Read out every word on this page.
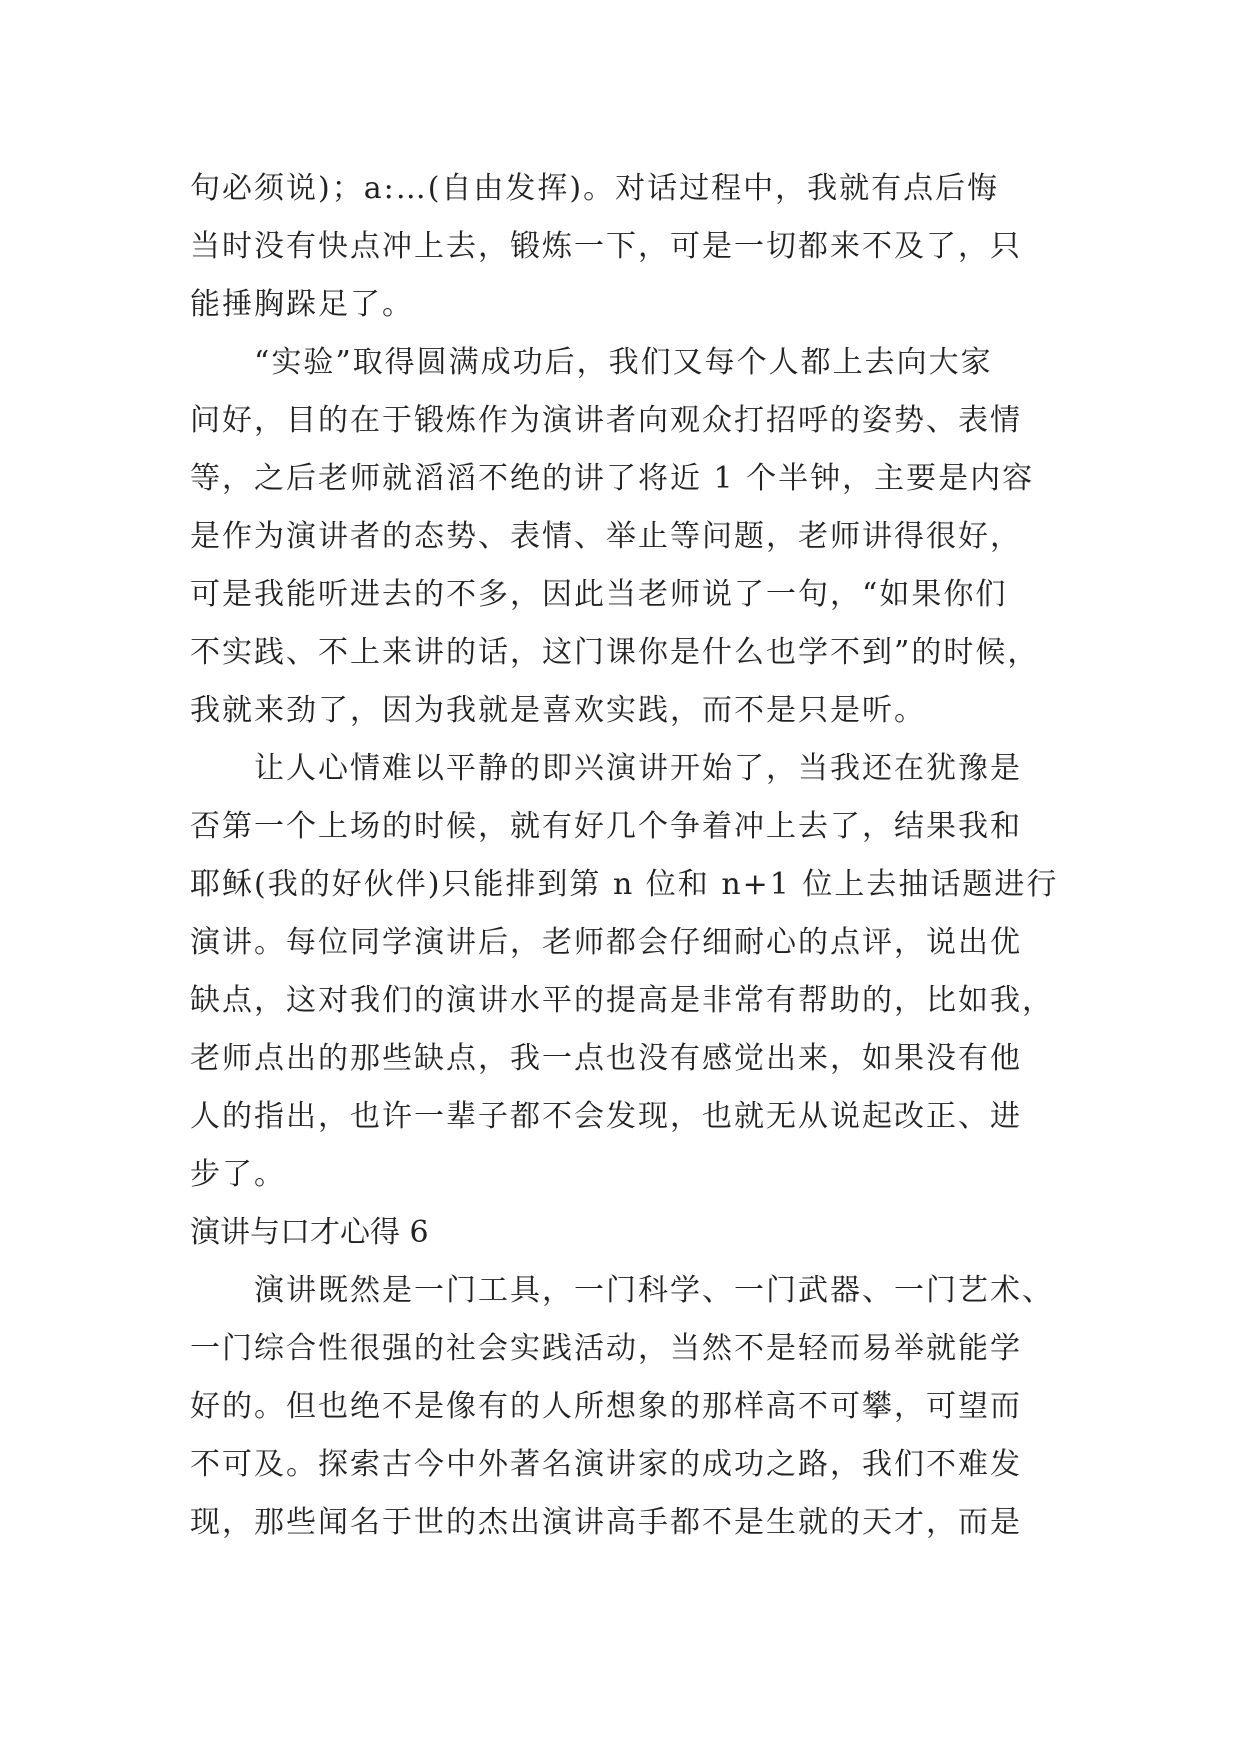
句必须说)；a:…(自由发挥)。对话过程中，我就有点后悔
当时没有快点冲上去，锻炼一下，可是一切都来不及了，只
能捶胸跺足了。
　　“实验”取得圆满成功后，我们又每个人都上去向大家
问好，目的在于锻炼作为演讲者向观众打招呼的姿势、表情
等，之后老师就滔滔不绝的讲了将近 1 个半钟，主要是内容
是作为演讲者的态势、表情、举止等问题，老师讲得很好，
可是我能听进去的不多，因此当老师说了一句，“如果你们
不实践、不上来讲的话，这门课你是什么也学不到”的时候，
我就来劲了，因为我就是喜欢实践，而不是只是听。
　　让人心情难以平静的即兴演讲开始了，当我还在犹豫是
否第一个上场的时候，就有好几个争着冲上去了，结果我和
耶稣(我的好伙伴)只能排到第 n 位和 n+1 位上去抽话题进行
演讲。每位同学演讲后，老师都会仔细耐心的点评，说出优
缺点，这对我们的演讲水平的提高是非常有帮助的，比如我，
老师点出的那些缺点，我一点也没有感觉出来，如果没有他
人的指出，也许一辈子都不会发现，也就无从说起改正、进
步了。
演讲与口才心得 6
　　演讲既然是一门工具，一门科学、一门武器、一门艺术、
一门综合性很强的社会实践活动，当然不是轻而易举就能学
好的。但也绝不是像有的人所想象的那样高不可攀，可望而
不可及。探索古今中外著名演讲家的成功之路，我们不难发
现，那些闻名于世的杰出演讲高手都不是生就的天才，而是
